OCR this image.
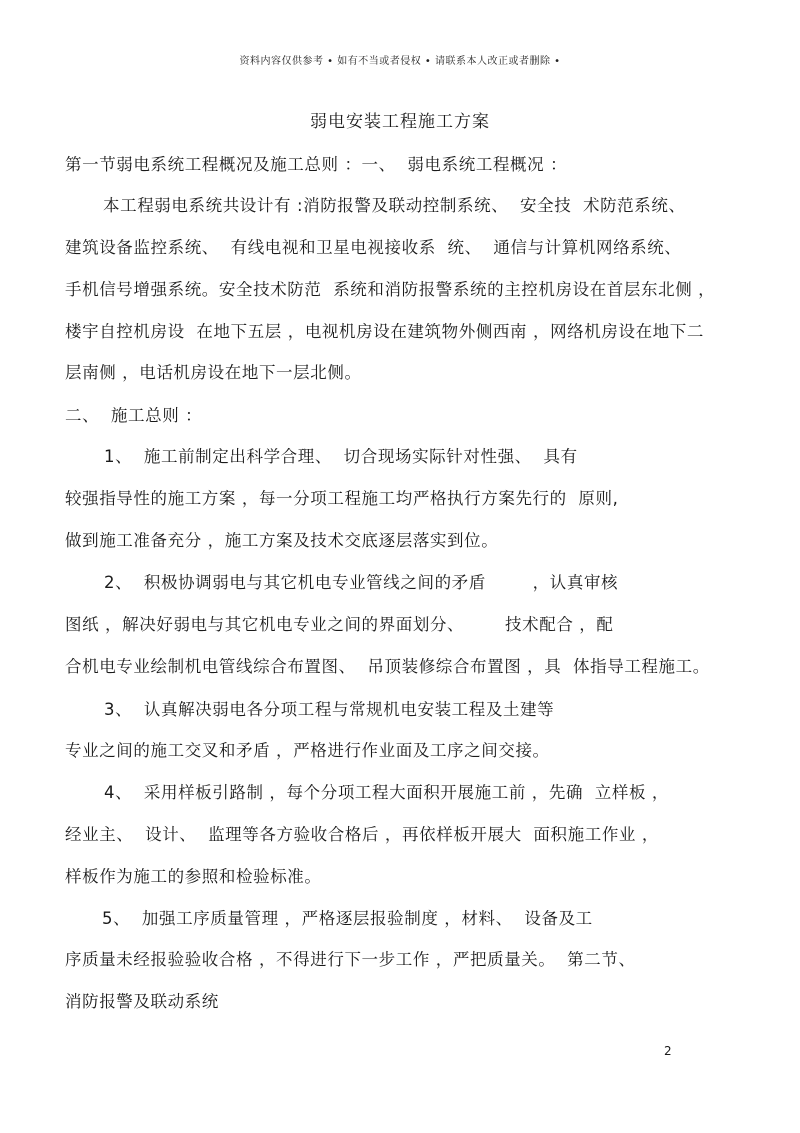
资料内容仅供参考 • 如有不当或者侵权 • 请联系本人改正或者删除 •
弱电安装工程施工方案
第一节弱电系统工程概况及施工总则 ：一、  弱电系统工程概况 ：
本工程弱电系统共设计有 :消防报警及联动控制系统、  安全技  术防范系统、
建筑设备监控系统、  有线电视和卫星电视接收系  统、  通信与计算机网络系统、
手机信号增强系统。安全技术防范  系统和消防报警系统的主控机房设在首层东北侧 ，
楼宇自控机房设  在地下五层 ，电视机房设在建筑物外侧西南 ，网络机房设在地下二
层南侧 ，电话机房设在地下一层北侧。
二、  施工总则 ：
1、  施工前制定出科学合理、  切合现场实际针对性强、  具有
较强指导性的施工方案 ，每一分项工程施工均严格执行方案先行的  原则,
做到施工准备充分 ，施工方案及技术交底逐层落实到位。
2、  积极协调弱电与其它机电专业管线之间的矛盾        ，认真审核
图纸 ，解决好弱电与其它机电专业之间的界面划分、       技术配合 ，配
合机电专业绘制机电管线综合布置图、  吊顶装修综合布置图 ，具  体指导工程施工。
3、  认真解决弱电各分项工程与常规机电安装工程及土建等
专业之间的施工交叉和矛盾 ，严格进行作业面及工序之间交接。
4、  采用样板引路制 ，每个分项工程大面积开展施工前 ，先确  立样板 ，
经业主、  设计、  监理等各方验收合格后 ，再依样板开展大  面积施工作业 ，
样板作为施工的参照和检验标准。
5、  加强工序质量管理 ，严格逐层报验制度 ，材料、  设备及工
序质量未经报验验收合格 ，不得进行下一步工作 ，严把质量关。  第二节、
消防报警及联动系统
2
